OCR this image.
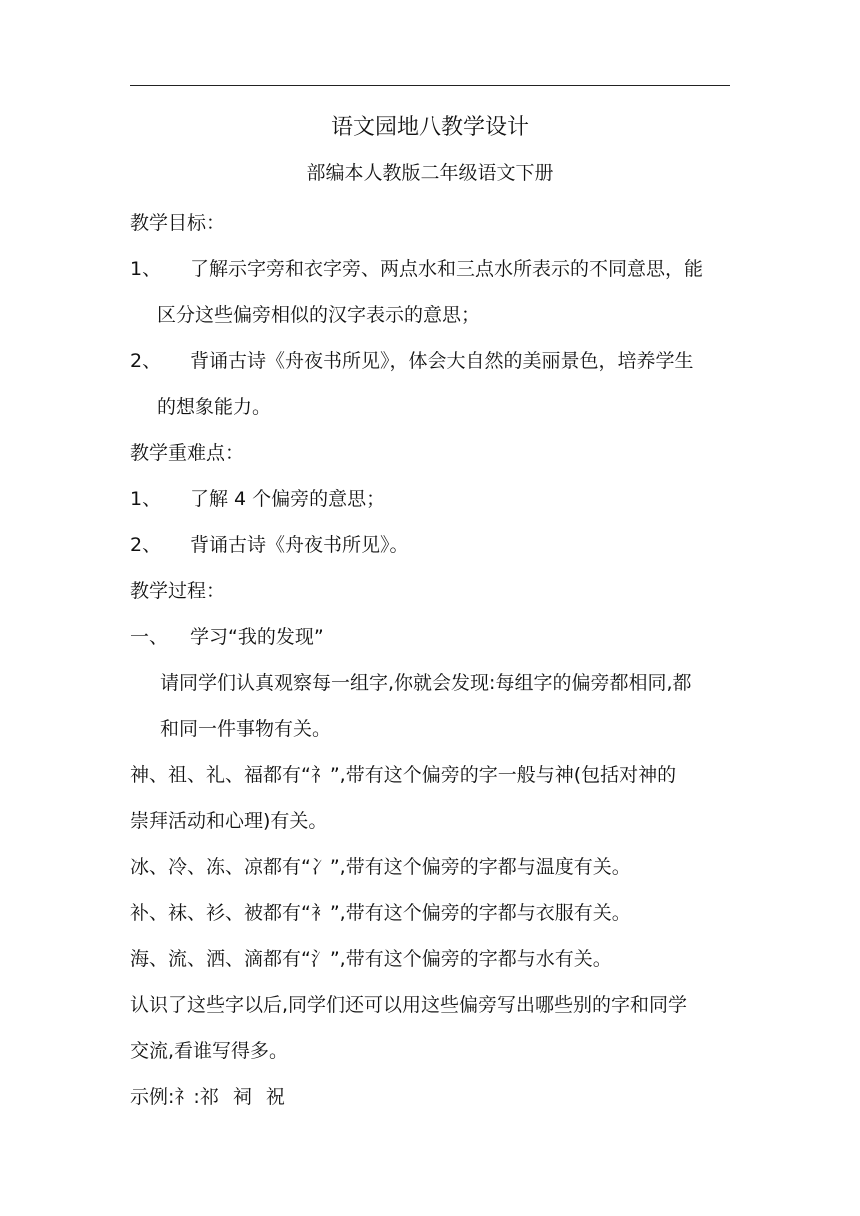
语文园地八教学设计
部编本人教版二年级语文下册
教学目标：
1、 了解示字旁和衣字旁、两点水和三点水所表示的不同意思，能
区分这些偏旁相似的汉字表示的意思；
2、 背诵古诗《舟夜书所见》，体会大自然的美丽景色，培养学生
的想象能力。
教学重难点：
1、 了解 4 个偏旁的意思；
2、 背诵古诗《舟夜书所见》。
教学过程：
一、 学习“我的发现”
请同学们认真观察每一组字,你就会发现:每组字的偏旁都相同,都
和同一件事物有关。
神、祖、礼、福都有“礻”,带有这个偏旁的字一般与神(包括对神的
崇拜活动和心理)有关。
冰、冷、冻、凉都有“冫”,带有这个偏旁的字都与温度有关。
补、袜、衫、被都有“衤”,带有这个偏旁的字都与衣服有关。
海、流、洒、滴都有“氵”,带有这个偏旁的字都与水有关。
认识了这些字以后,同学们还可以用这些偏旁写出哪些别的字和同学
交流,看谁写得多。
示例:礻:祁 祠 祝
